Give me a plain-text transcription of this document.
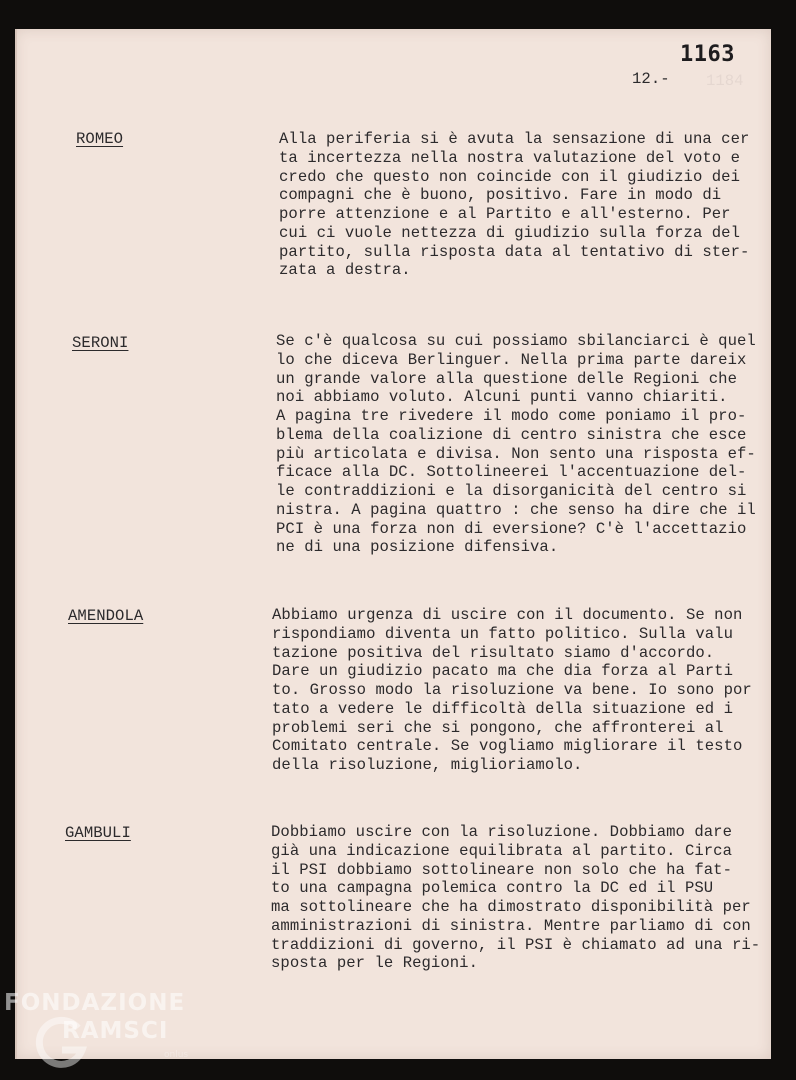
1184
1163
12.-
ROMEO	Alla periferia si è avuta la sensazione di una cer
ta incertezza nella nostra valutazione del voto e
credo che questo non coincide con il giudizio dei
compagni che è buono, positivo. Fare in modo di
porre attenzione e al Partito e all'esterno. Per
cui ci vuole nettezza di giudizio sulla forza del
partito, sulla risposta data al tentativo di ster-
zata a destra.
SERONI	Se c'è qualcosa su cui possiamo sbilanciarci è quel
lo che diceva Berlinguer. Nella prima parte dareix
un grande valore alla questione delle Regioni che
noi abbiamo voluto. Alcuni punti vanno chiariti.
A pagina tre rivedere il modo come poniamo il pro-
blema della coalizione di centro sinistra che esce
più articolata e divisa. Non sento una risposta ef-
ficace alla DC. Sottolineerei l'accentuazione del-
le contraddizioni e la disorganicità del centro si
nistra. A pagina quattro : che senso ha dire che il
PCI è una forza non di eversione? C'è l'accettazio
ne di una posizione difensiva.
AMENDOLA	Abbiamo urgenza di uscire con il documento. Se non
rispondiamo diventa un fatto politico. Sulla valu
tazione positiva del risultato siamo d'accordo.
Dare un giudizio pacato ma che dia forza al Parti
to. Grosso modo la risoluzione va bene. Io sono por
tato a vedere le difficoltà della situazione ed i
problemi seri che si pongono, che affronterei al
Comitato centrale. Se vogliamo migliorare il testo
della risoluzione, miglioriamolo.
GAMBULI	Dobbiamo uscire con la risoluzione. Dobbiamo dare
già una indicazione equilibrata al partito. Circa
il PSI dobbiamo sottolineare non solo che ha fat-
to una campagna polemica contro la DC ed il PSU
ma sottolineare che ha dimostrato disponibilità per
amministrazioni di sinistra. Mentre parliamo di con
traddizioni di governo, il PSI è chiamato ad una ri-
sposta per le Regioni.
FONDAZIONE
RAMSCI
onlus
